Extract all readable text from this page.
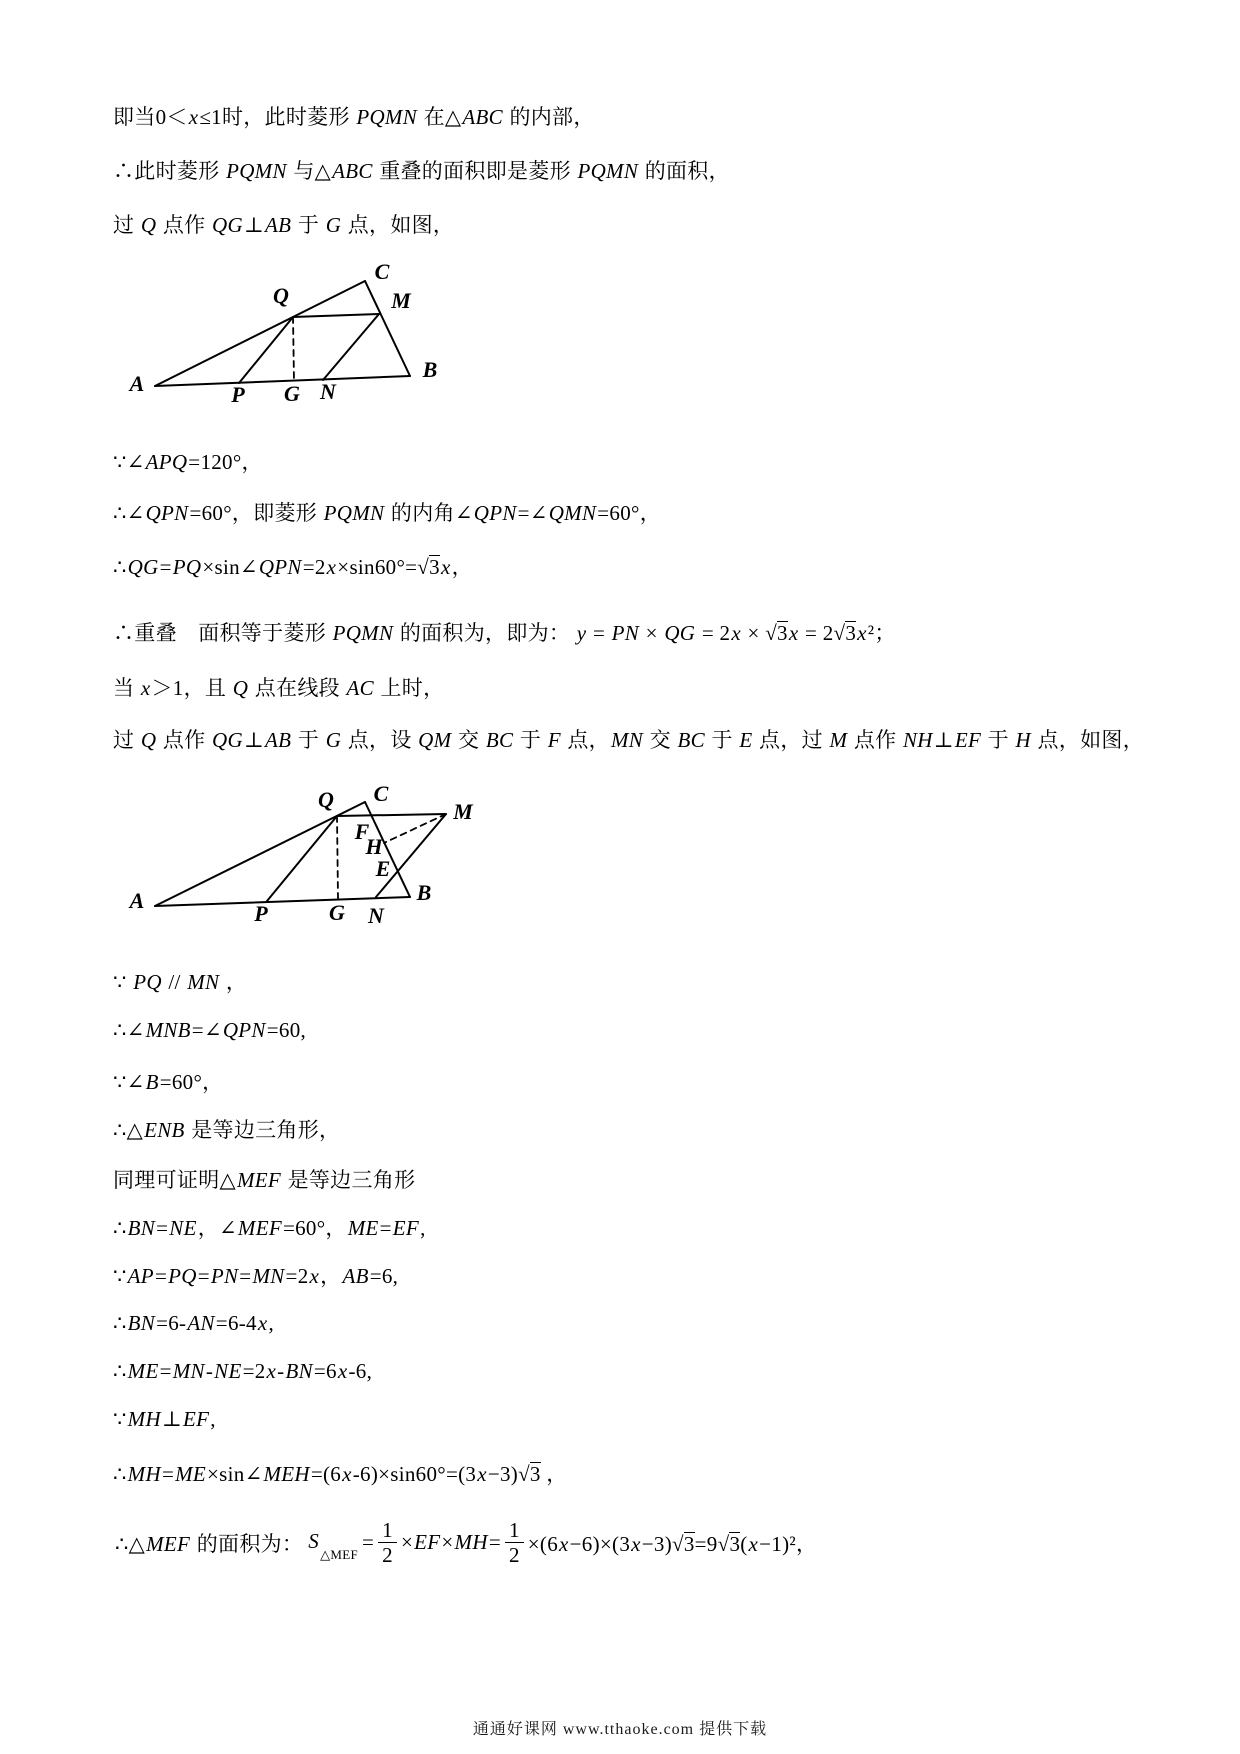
即当0＜x≤1时，此时菱形 PQMN 在△ABC 的内部，
∴此时菱形 PQMN 与△ABC 重叠的面积即是菱形 PQMN 的面积，
过 Q 点作 QG⊥AB 于 G 点，如图，
A
B
C
Q	M
P G N
∵∠APQ=120°，
∴∠QPN=60°，即菱形 PQMN 的内角∠QPN=∠QMN=60°，
∴QG=PQ×sin∠QPN=2x×sin60°=√3x，
∴重叠　面积等于菱形 PQMN 的面积为，即为： y = PN × QG = 2x × √3x = 2√3x²；
当 x＞1，且 Q 点在线段 AC 上时，
过 Q 点作 QG⊥AB 于 G 点，设 QM 交 BC 于 F 点，MN 交 BC 于 E 点，过 M 点作 NH⊥EF 于 H 点，如图，
A	B
C
Q	M
F
H
E
P	G N
∵ PQ // MN ，
∴∠MNB=∠QPN=60,
∵∠B=60°，
∴△ENB 是等边三角形，
同理可证明△MEF 是等边三角形
∴BN=NE，∠MEF=60°，ME=EF,
∵AP=PQ=PN=MN=2x，AB=6,
∴BN=6-AN=6-4x,
∴ME=MN-NE=2x-BN=6x-6,
∵MH⊥EF,
∴MH=ME×sin∠MEH=(6x-6)×sin60°=(3x−3)√3 ，
∴△MEF 的面积为： $S_{\triangle MEF}$
= $\frac{1}{2} \times EF\times MH= \frac{1}{2} \times(6x-6)\times(3x-3)√3=9√3(x-1)^2$，
通通好课网 www.tthaoke.com 提供下载
